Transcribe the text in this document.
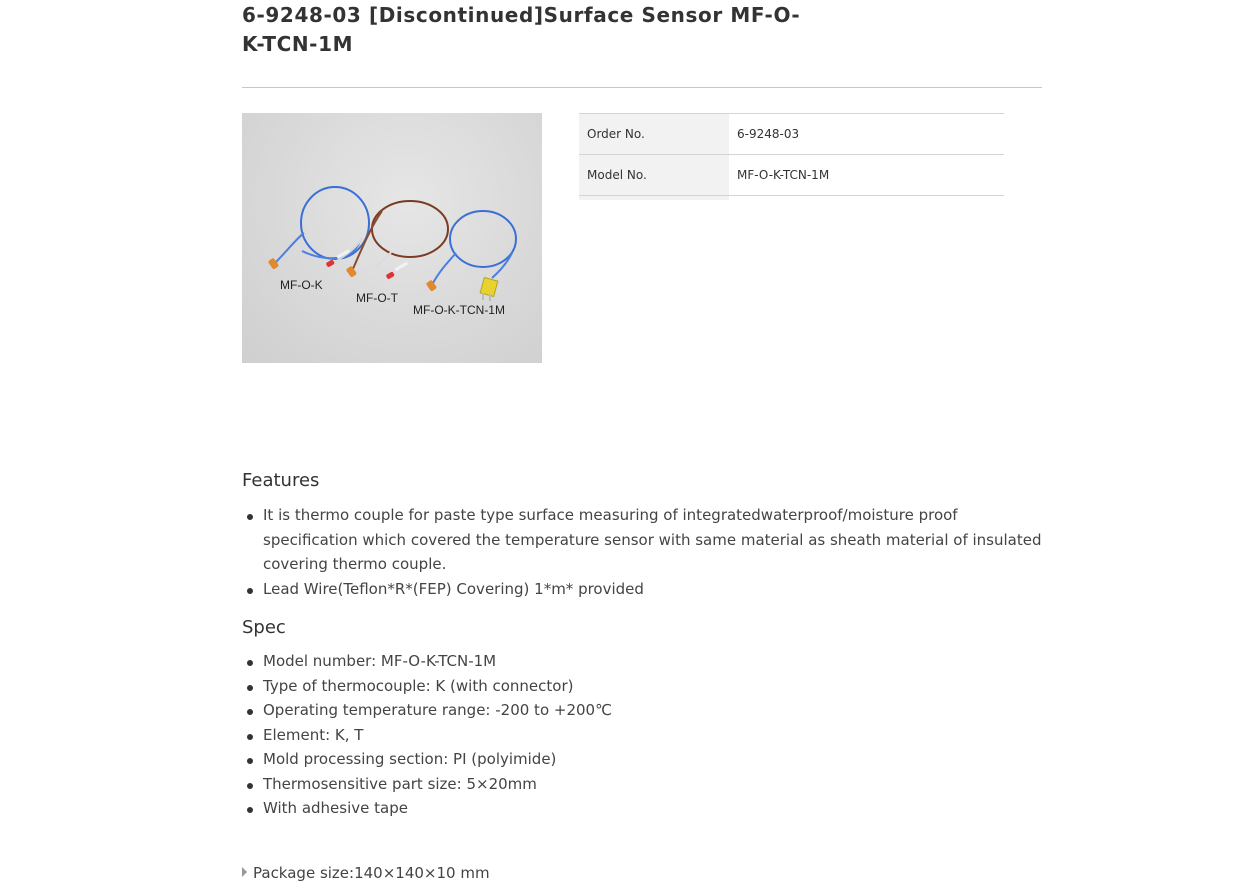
6-9248-03 [Discontinued]Surface Sensor MF-O-K-TCN-1M
MF-O-K
MF-O-T
MF-O-K-TCN-1M
Order No.	6-9248-03
Model No.	MF-O-K-TCN-1M
Features
It is thermo couple for paste type surface measuring of integratedwaterproof/moisture proof specification which covered the temperature sensor with same material as sheath material of insulated covering thermo couple.
Lead Wire(Teflon*R*(FEP) Covering) 1*m* provided
Spec
Model number: MF-O-K-TCN-1M
Type of thermocouple: K (with connector)
Operating temperature range: -200 to +200℃
Element: K, T
Mold processing section: PI (polyimide)
Thermosensitive part size: 5×20mm
With adhesive tape
Package size:140×140×10 mm
